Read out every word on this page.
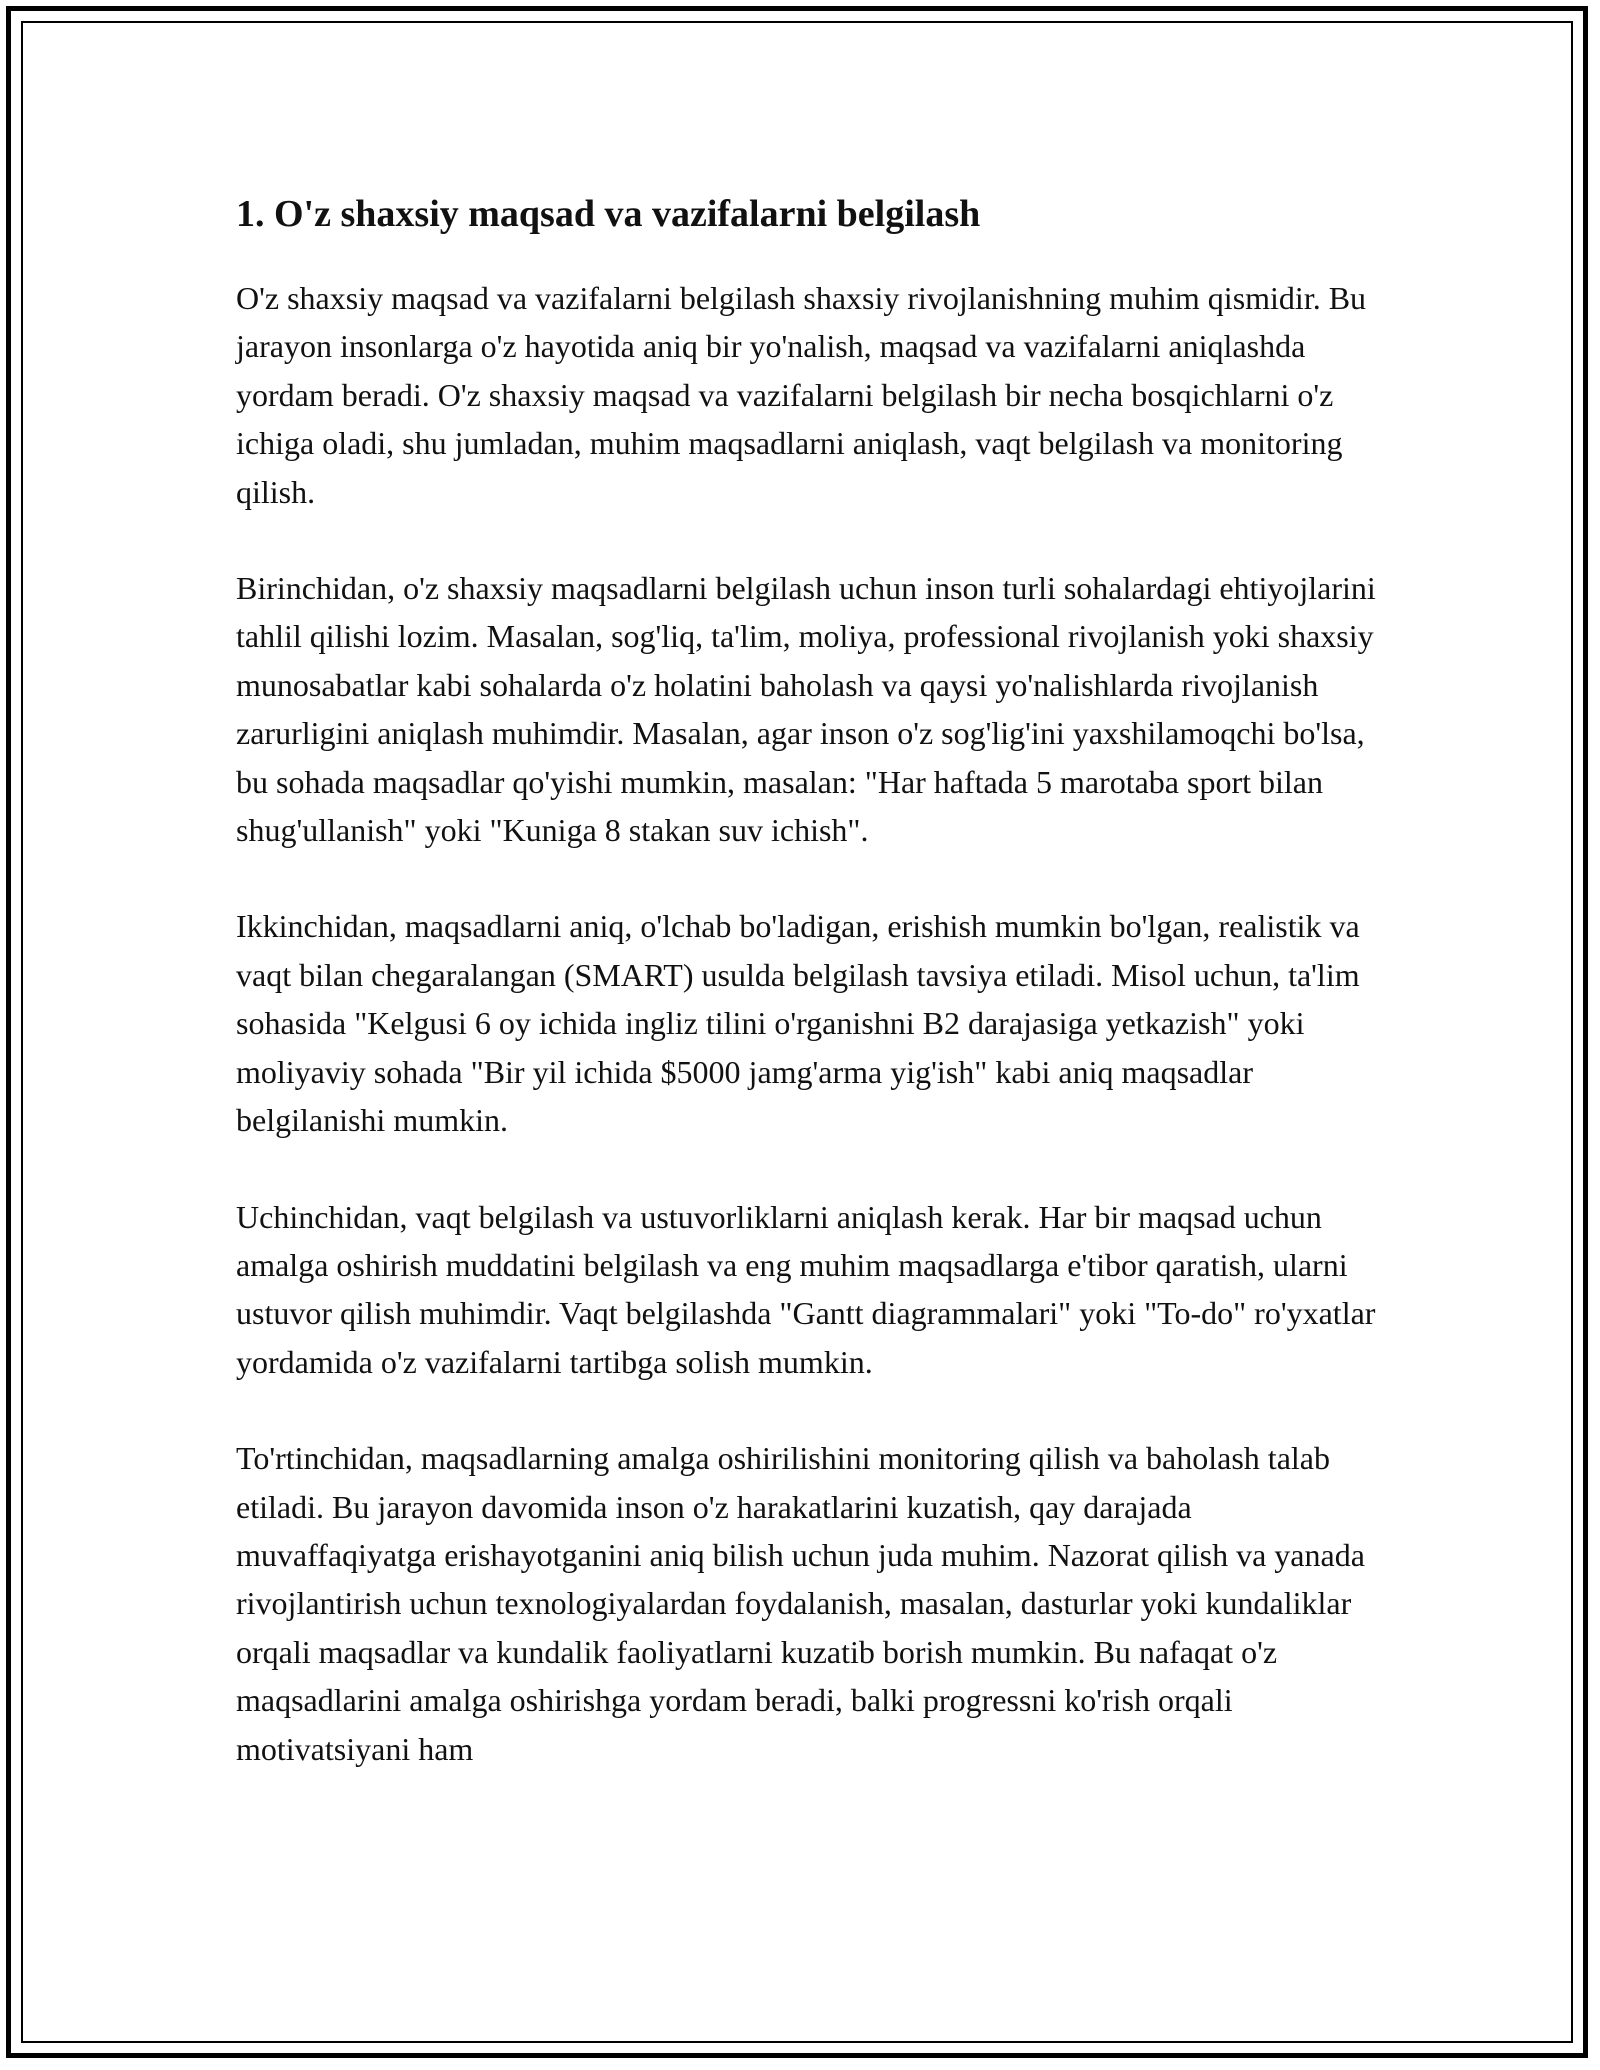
1. O'z shaxsiy maqsad va vazifalarni belgilash

O'z shaxsiy maqsad va vazifalarni belgilash shaxsiy rivojlanishning muhim qismidir. Bu jarayon insonlarga o'z hayotida aniq bir yo'nalish, maqsad va vazifalarni aniqlashda yordam beradi. O'z shaxsiy maqsad va vazifalarni belgilash bir necha bosqichlarni o'z ichiga oladi, shu jumladan, muhim maqsadlarni aniqlash, vaqt belgilash va monitoring qilish.

Birinchidan, o'z shaxsiy maqsadlarni belgilash uchun inson turli sohalardagi ehtiyojlarini tahlil qilishi lozim. Masalan, sog'liq, ta'lim, moliya, professional rivojlanish yoki shaxsiy munosabatlar kabi sohalarda o'z holatini baholash va qaysi yo'nalishlarda rivojlanish zarurligini aniqlash muhimdir. Masalan, agar inson o'z sog'lig'ini yaxshilamoqchi bo'lsa, bu sohada maqsadlar qo'yishi mumkin, masalan: "Har haftada 5 marotaba sport bilan shug'ullanish" yoki "Kuniga 8 stakan suv ichish".

Ikkinchidan, maqsadlarni aniq, o'lchab bo'ladigan, erishish mumkin bo'lgan, realistik va vaqt bilan chegaralangan (SMART) usulda belgilash tavsiya etiladi. Misol uchun, ta'lim sohasida "Kelgusi 6 oy ichida ingliz tilini o'rganishni B2 darajasiga yetkazish" yoki moliyaviy sohada "Bir yil ichida $5000 jamg'arma yig'ish" kabi aniq maqsadlar belgilanishi mumkin.

Uchinchidan, vaqt belgilash va ustuvorliklarni aniqlash kerak. Har bir maqsad uchun amalga oshirish muddatini belgilash va eng muhim maqsadlarga e'tibor qaratish, ularni ustuvor qilish muhimdir. Vaqt belgilashda "Gantt diagrammalari" yoki "To-do" ro'yxatlar yordamida o'z vazifalarni tartibga solish mumkin.

To'rtinchidan, maqsadlarning amalga oshirilishini monitoring qilish va baholash talab etiladi. Bu jarayon davomida inson o'z harakatlarini kuzatish, qay darajada muvaffaqiyatga erishayotganini aniq bilish uchun juda muhim. Nazorat qilish va yanada rivojlantirish uchun texnologiyalardan foydalanish, masalan, dasturlar yoki kundaliklar orqali maqsadlar va kundalik faoliyatlarni kuzatib borish mumkin. Bu nafaqat o'z maqsadlarini amalga oshirishga yordam beradi, balki progressni ko'rish orqali motivatsiyani ham
